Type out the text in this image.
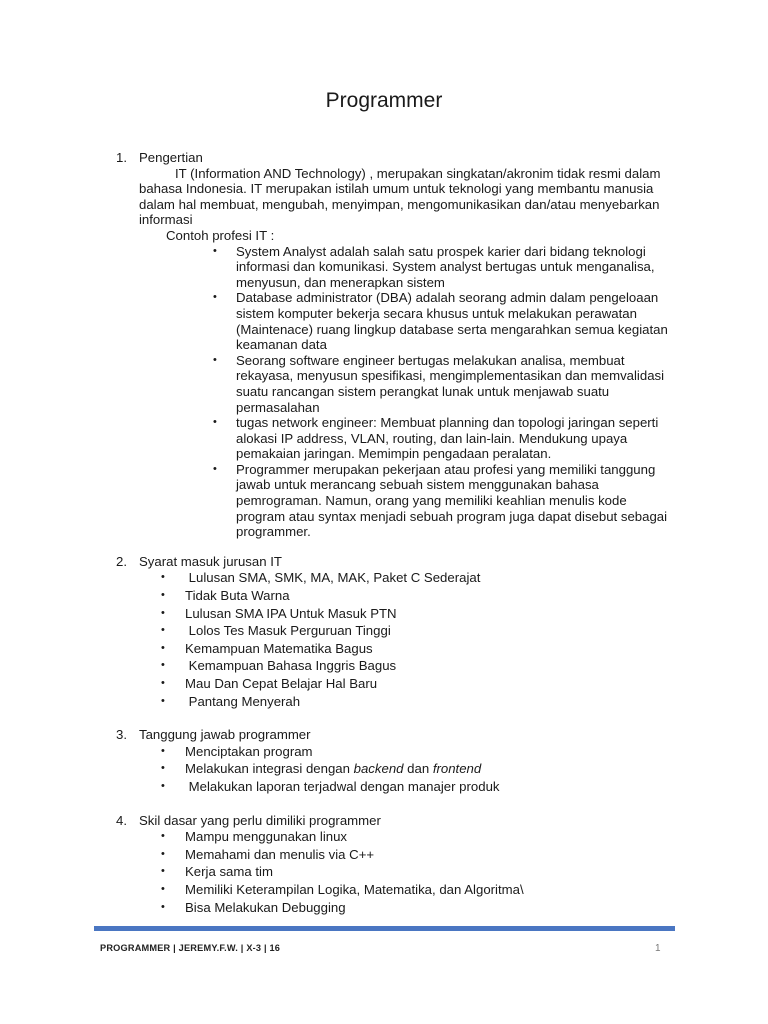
Programmer
1. Pengertian
IT (Information AND Technology) , merupakan singkatan/akronim tidak resmi dalam bahasa Indonesia. IT merupakan istilah umum untuk teknologi yang membantu manusia dalam hal membuat, mengubah, menyimpan, mengomunikasikan dan/atau menyebarkan informasi
Contoh profesi IT :
• System Analyst adalah salah satu prospek karier dari bidang teknologi informasi dan komunikasi. System analyst bertugas untuk menganalisa, menyusun, dan menerapkan sistem
• Database administrator (DBA) adalah seorang admin dalam pengeloaan sistem komputer bekerja secara khusus untuk melakukan perawatan (Maintenace) ruang lingkup database serta mengarahkan semua kegiatan keamanan data
• Seorang software engineer bertugas melakukan analisa, membuat rekayasa, menyusun spesifikasi, mengimplementasikan dan memvalidasi suatu rancangan sistem perangkat lunak untuk menjawab suatu permasalahan
• tugas network engineer: Membuat planning dan topologi jaringan seperti alokasi IP address, VLAN, routing, dan lain-lain. Mendukung upaya pemakaian jaringan. Memimpin pengadaan peralatan.
• Programmer merupakan pekerjaan atau profesi yang memiliki tanggung jawab untuk merancang sebuah sistem menggunakan bahasa pemrograman. Namun, orang yang memiliki keahlian menulis kode program atau syntax menjadi sebuah program juga dapat disebut sebagai programmer.
2. Syarat masuk jurusan IT
• Lulusan SMA, SMK, MA, MAK, Paket C Sederajat
• Tidak Buta Warna
• Lulusan SMA IPA Untuk Masuk PTN
• Lolos Tes Masuk Perguruan Tinggi
• Kemampuan Matematika Bagus
• Kemampuan Bahasa Inggris Bagus
• Mau Dan Cepat Belajar Hal Baru
• Pantang Menyerah
3. Tanggung jawab programmer
• Menciptakan program
• Melakukan integrasi dengan backend dan frontend
• Melakukan laporan terjadwal dengan manajer produk
4. Skil dasar yang perlu dimiliki programmer
• Mampu menggunakan linux
• Memahami dan menulis via C++
• Kerja sama tim
• Memiliki Keterampilan Logika, Matematika, dan Algoritma\
• Bisa Melakukan Debugging
PROGRAMMER | JEREMY.F.W. | X-3 | 16	1
